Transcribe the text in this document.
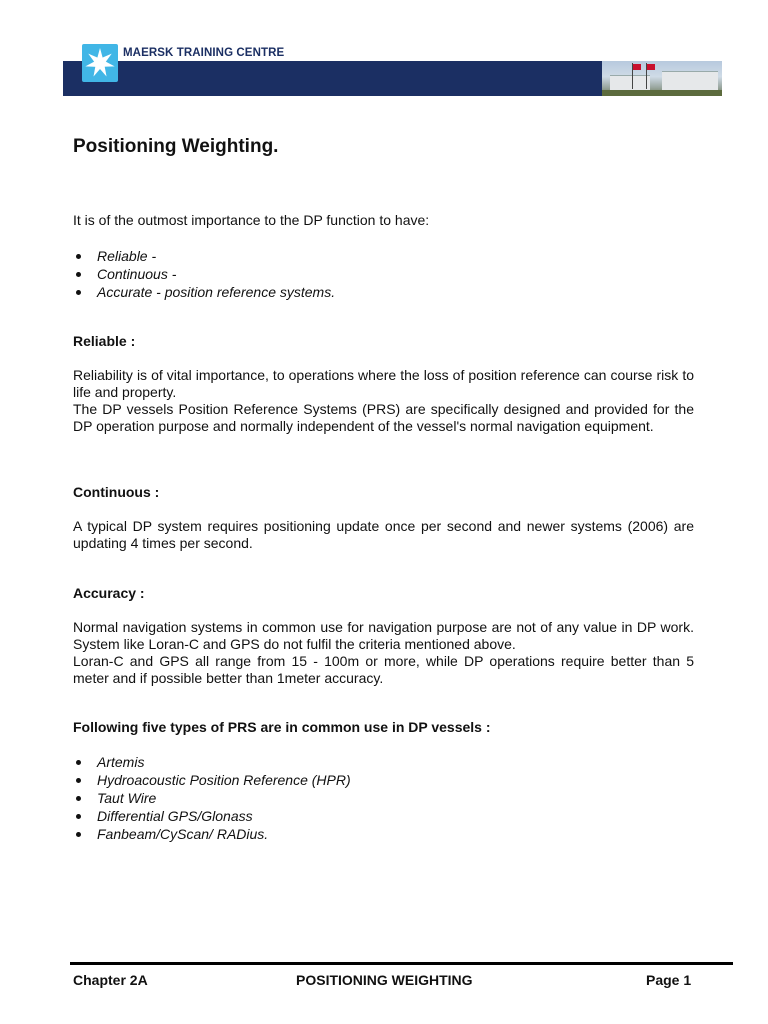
MAERSK TRAINING CENTRE
Positioning Weighting.
It is of the outmost importance to the DP function to have:
Reliable -
Continuous -
Accurate - position reference systems.
Reliable :
Reliability is of vital importance, to operations where the loss of position reference can course risk to life and property.
The DP vessels Position Reference Systems (PRS) are specifically designed and provided for the DP operation purpose and normally independent of the vessel's normal navigation equipment.
Continuous :
A typical DP system requires positioning update once per second and newer systems (2006) are updating 4 times per second.
Accuracy :
Normal navigation systems in common use for navigation purpose are not of any value in DP work. System like Loran-C and GPS do not fulfil the criteria mentioned above.
Loran-C and GPS all range from 15 - 100m or more, while DP operations require better than 5 meter and if possible better than 1meter accuracy.
Following five types of PRS are in common use in DP vessels :
Artemis
Hydroacoustic Position Reference (HPR)
Taut Wire
Differential GPS/Glonass
Fanbeam/CyScan/ RADius.
Chapter 2A	POSITIONING WEIGHTING	Page 1
